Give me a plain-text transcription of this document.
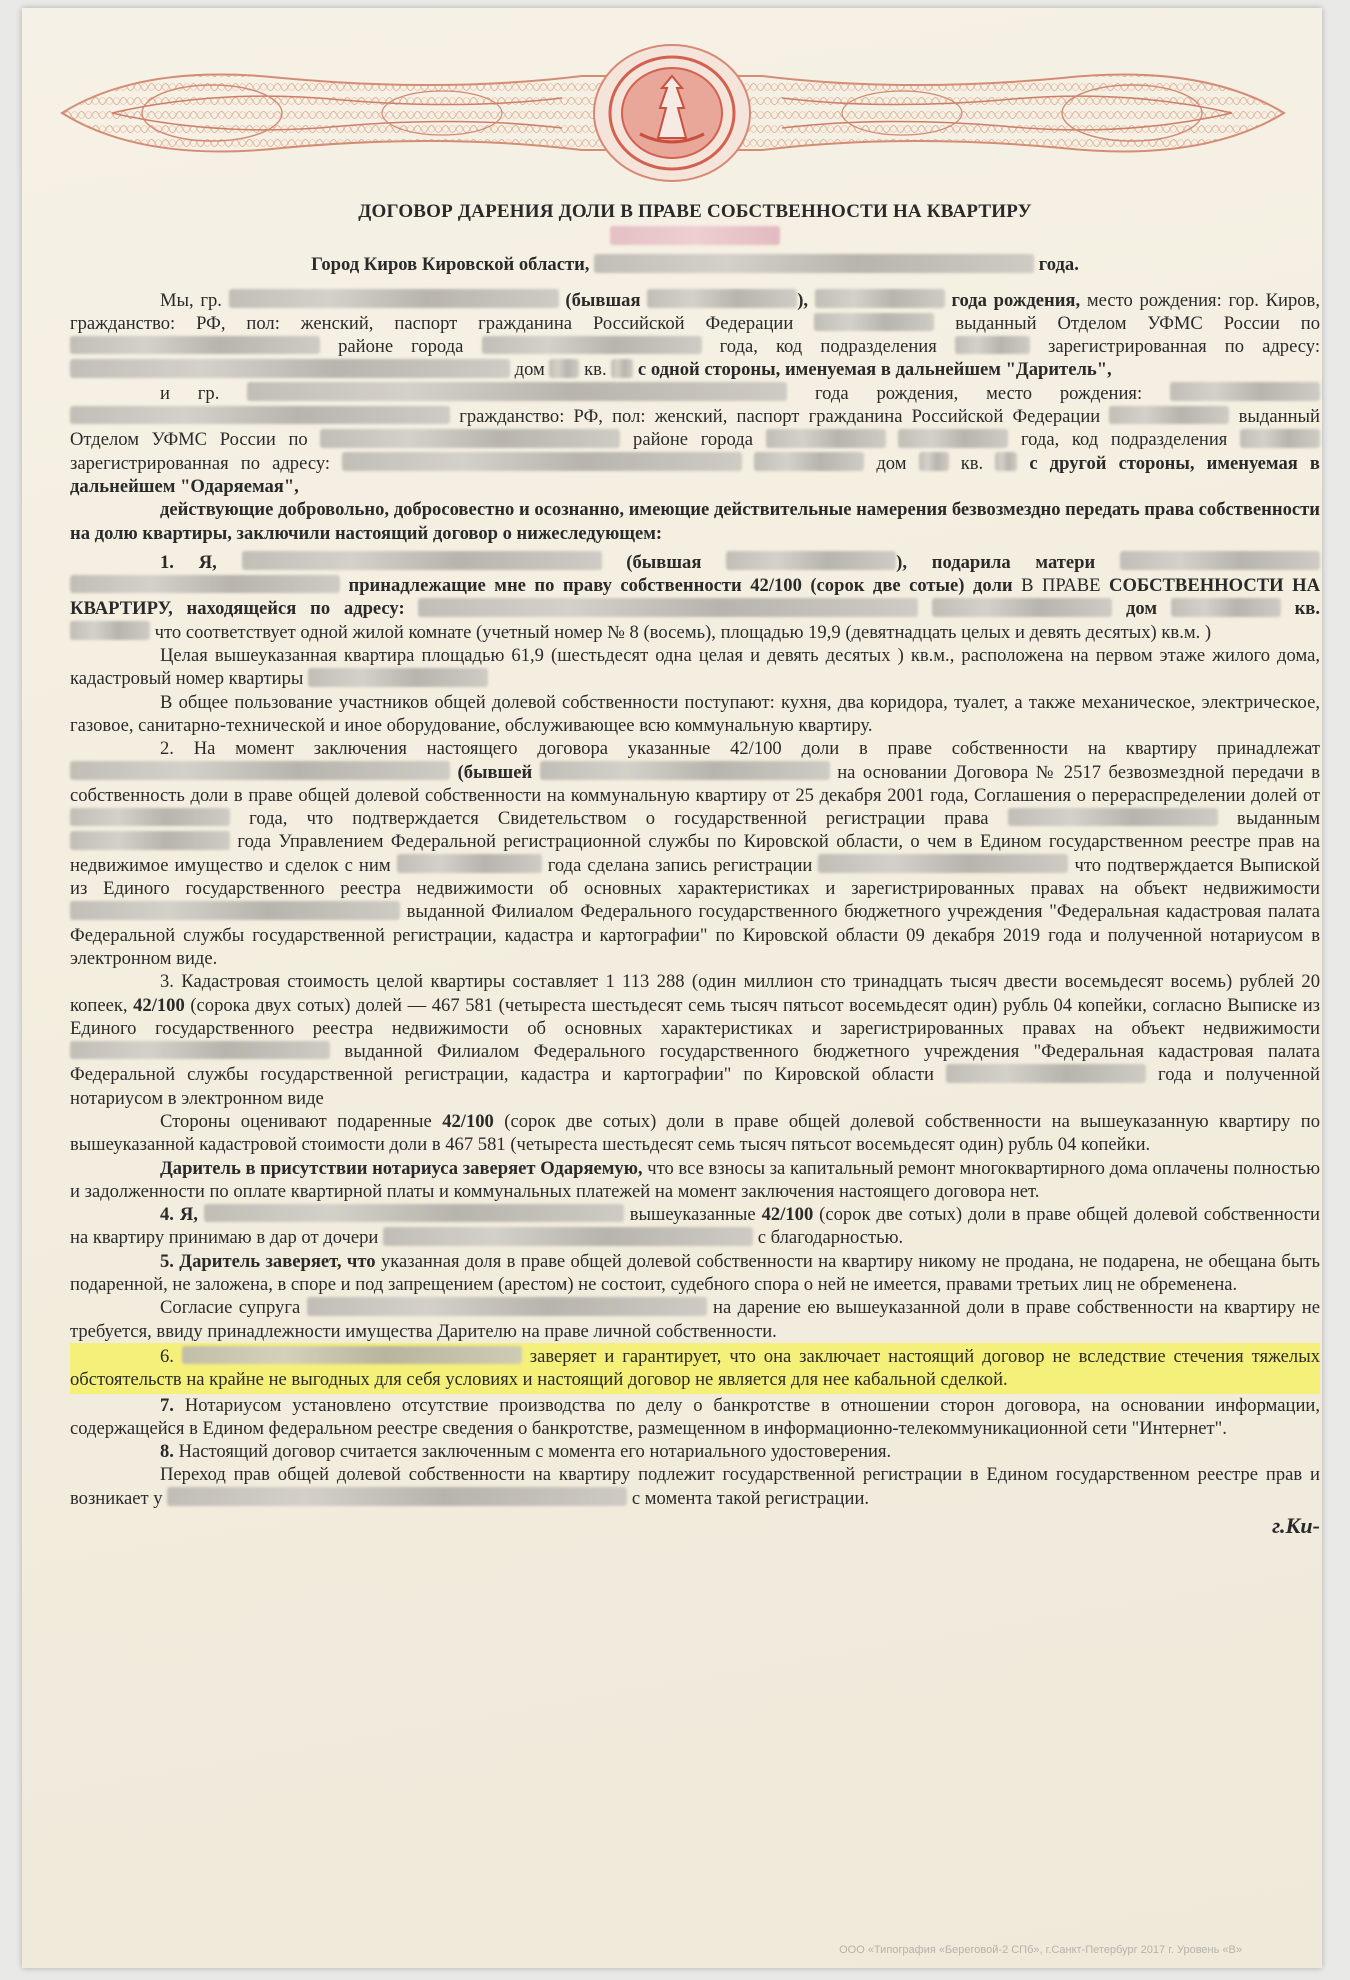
ДОГОВОР ДАРЕНИЯ ДОЛИ В ПРАВЕ СОБСТВЕННОСТИ НА КВАРТИРУ
Город Киров Кировской области,	года.

Мы, гр.	(бывшая	),	года рождения, место рождения: гор. Киров, гражданство: РФ, пол: женский, паспорт гражданина Российской Федерации	выданный Отделом УФМС России по  районе города	года, код подразделения	зарегистрированная по адресу:  дом кв. с одной стороны, именуемая в дальнейшем "Даритель",

и гр.	года рождения, место рождения:   гражданство: РФ, пол: женский, паспорт гражданина Российской Федерации	выданный Отделом УФМС России по	районе города	года, код подразделения  зарегистрированная по адресу:	дом	кв. с другой стороны, именуемая в дальнейшем "Одаряемая",

действующие добровольно, добросовестно и осознанно, имеющие действительные намерения безвозмездно передать права собственности на долю квартиры, заключили настоящий договор о нижеследующем:

1. Я,	(бывшая	), подарила матери   принадлежащие мне по праву собственности 42/100 (сорок две сотые) доли В ПРАВЕ СОБСТВЕННОСТИ НА КВАРТИРУ, находящейся по адресу:	дом	кв.  что соответствует одной жилой комнате (учетный номер № 8 (восемь), площадью 19,9 (девятнадцать целых и девять десятых) кв.м. )

Целая вышеуказанная квартира площадью 61,9 (шестьдесят одна целая и девять десятых ) кв.м., расположена на первом этаже жилого дома, кадастровый номер квартиры

В общее пользование участников общей долевой собственности поступают: кухня, два коридора, туалет, а также механическое, электрическое, газовое, санитарно-технической и иное оборудование, обслуживающее всю коммунальную квартиру.

2. На момент заключения настоящего договора указанные 42/100 доли в праве собственности на квартиру принадлежат  (бывшей	на основании Договора № 2517 безвозмездной передачи в собственность доли в праве общей долевой собственности на коммунальную квартиру от 25 декабря 2001 года, Соглашения о перераспределении долей от  года, что подтверждается Свидетельством о государственной регистрации права	выданным  года Управлением Федеральной регистрационной службы по Кировской области, о чем в Едином государственном реестре прав на недвижимое имущество и сделок с ним	года сделана запись регистрации	что подтверждается Выпиской из Единого государственного реестра недвижимости об основных характеристиках и зарегистрированных правах на объект недвижимости  выданной Филиалом Федерального государственного бюджетного учреждения "Федеральная кадастровая палата Федеральной службы государственной регистрации, кадастра и картографии" по Кировской области 09 декабря 2019 года и полученной нотариусом в электронном виде.

3. Кадастровая стоимость целой квартиры составляет 1 113 288 (один миллион сто тринадцать тысяч двести восемьдесят восемь) рублей 20 копеек, 42/100 (сорока двух сотых) долей — 467 581 (четыреста шестьдесят семь тысяч пятьсот восемьдесят один) рубль 04 копейки, согласно Выписке из Единого государственного реестра недвижимости об основных характеристиках и зарегистрированных правах на объект недвижимости  выданной Филиалом Федерального государственного бюджетного учреждения "Федеральная кадастровая палата Федеральной службы государственной регистрации, кадастра и картографии" по Кировской области	года и полученной нотариусом в электронном виде

Стороны оценивают подаренные 42/100 (сорок две сотых) доли в праве общей долевой собственности на вышеуказанную квартиру по вышеуказанной кадастровой стоимости доли в 467 581 (четыреста шестьдесят семь тысяч пятьсот восемьдесят один) рубль 04 копейки.

Даритель в присутствии нотариуса заверяет Одаряемую, что все взносы за капитальный ремонт многоквартирного дома оплачены полностью и задолженности по оплате квартирной платы и коммунальных платежей на момент заключения настоящего договора нет.

4. Я,	вышеуказанные 42/100 (сорок две сотых) доли в праве общей долевой собственности на квартиру принимаю в дар от дочери	с благодарностью.

5. Даритель заверяет, что указанная доля в праве общей долевой собственности на квартиру никому не продана, не подарена, не обещана быть подаренной, не заложена, в споре и под запрещением (арестом) не состоит, судебного спора о ней не имеется, правами третьих лиц не обременена.

Согласие супруга	на дарение ею вышеуказанной доли в праве собственности на квартиру не требуется, ввиду принадлежности имущества Дарителю на праве личной собственности.

6.	заверяет и гарантирует, что она заключает настоящий договор не вследствие стечения тяжелых обстоятельств на крайне не выгодных для себя условиях и настоящий договор не является для нее кабальной сделкой.

7. Нотариусом установлено отсутствие производства по делу о банкротстве в отношении сторон договора, на основании информации, содержащейся в Едином федеральном реестре сведения о банкротстве, размещенном в информационно-телекоммуникационной сети "Интернет".

8. Настоящий договор считается заключенным с момента его нотариального удостоверения.

Переход прав общей долевой собственности на квартиру подлежит государственной регистрации в Едином государственном реестре прав и возникает у	с момента такой регистрации.

г.Ки-
ООО «Типография «Береговой-2 СПб», г.Санкт-Петербург 2017 г. Уровень «В»
